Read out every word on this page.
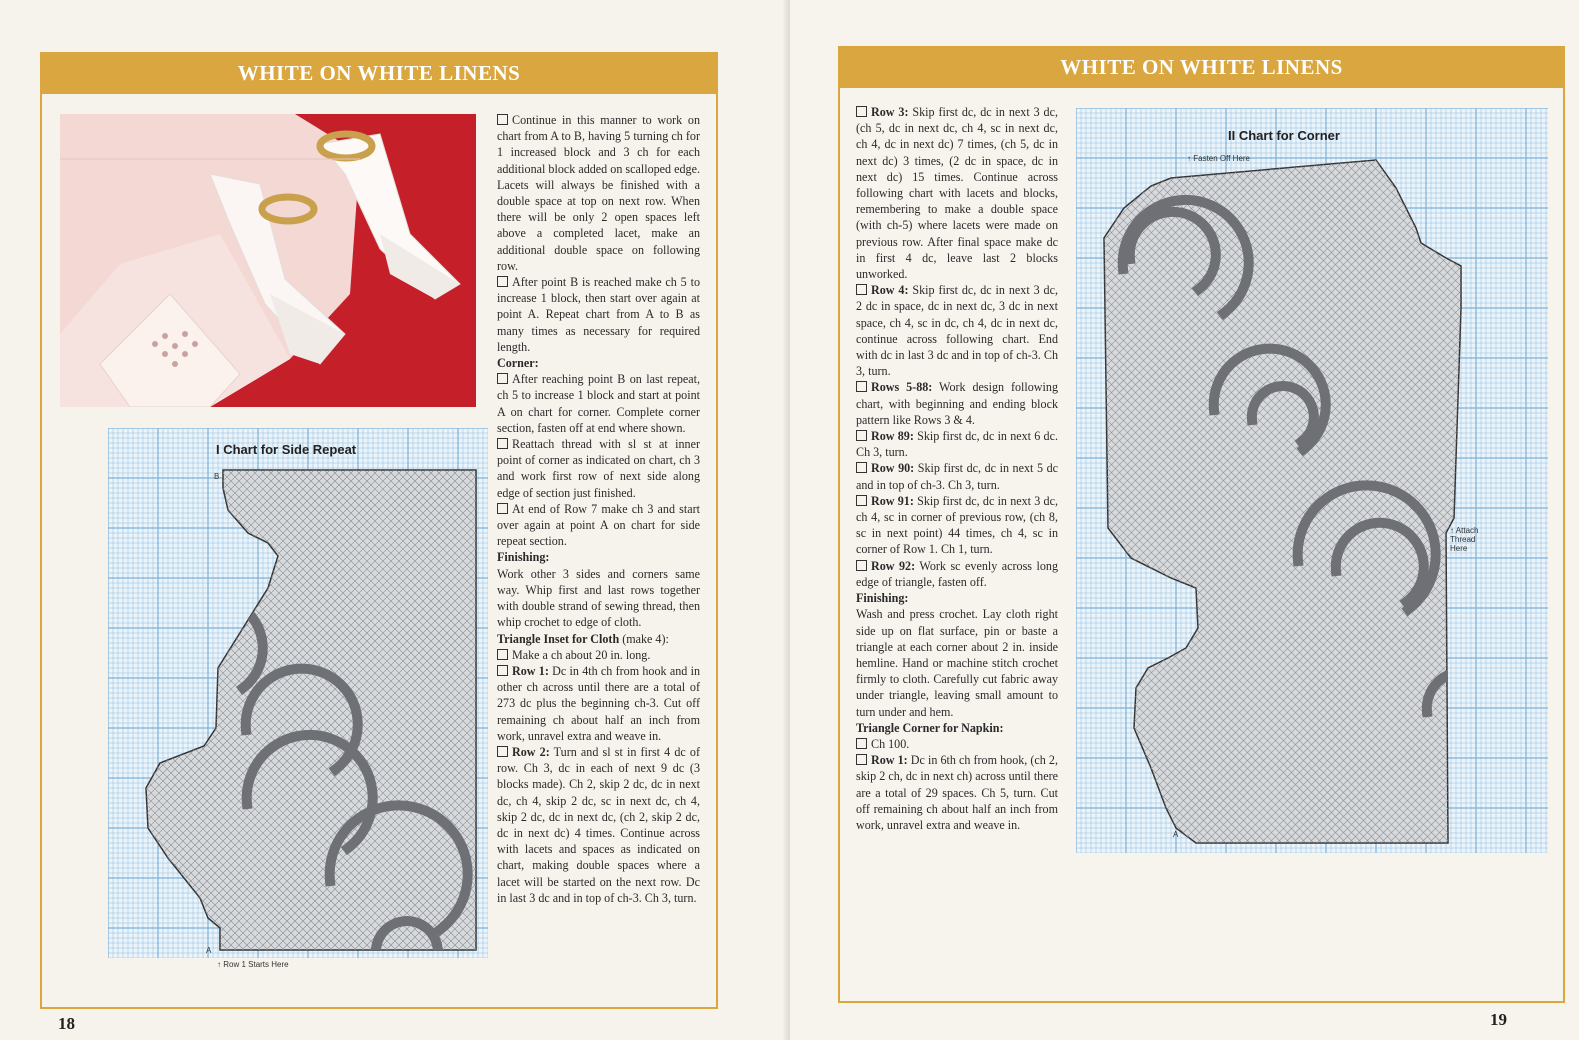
WHITE ON WHITE LINENS
I Chart for Side Repeat
B
A
↑ Row 1 Starts Here

Continue in this manner to work on chart from A to B, having 5 turning ch for 1 increased block and 3 ch for each additional block added on scalloped edge. Lacets will always be finished with a double space at top on next row. When there will be only 2 open spaces left above a completed lacet, make an additional double space on following row.

After point B is reached make ch 5 to increase 1 block, then start over again at point A. Repeat chart from A to B as many times as necessary for required length.

Corner:

After reaching point B on last repeat, ch 5 to increase 1 block and start at point A on chart for corner. Complete corner section, fasten off at end where shown.

Reattach thread with sl st at inner point of corner as indicated on chart, ch 3 and work first row of next side along edge of section just finished.

At end of Row 7 make ch 3 and start over again at point A on chart for side repeat section.

Finishing:

Work other 3 sides and corners same way. Whip first and last rows together with double strand of sewing thread, then whip crochet to edge of cloth.

Triangle Inset for Cloth (make 4):

Make a ch about 20 in. long.

Row 1: Dc in 4th ch from hook and in other ch across until there are a total of 273 dc plus the beginning ch-3. Cut off remaining ch about half an inch from work, unravel extra and weave in.

Row 2: Turn and sl st in first 4 dc of row. Ch 3, dc in each of next 9 dc (3 blocks made). Ch 2, skip 2 dc, dc in next dc, ch 4, skip 2 dc, sc in next dc, ch 4, skip 2 dc, dc in next dc, (ch 2, skip 2 dc, dc in next dc) 4 times. Continue across with lacets and spaces as indicated on chart, making double spaces where a lacet will be started on the next row. Dc in last 3 dc and in top of ch-3. Ch 3, turn.

18
WHITE ON WHITE LINENS

Row 3: Skip first dc, dc in next 3 dc, (ch 5, dc in next dc, ch 4, sc in next dc, ch 4, dc in next dc) 7 times, (ch 5, dc in next dc) 3 times, (2 dc in space, dc in next dc) 15 times. Continue across following chart with lacets and blocks, remembering to make a double space (with ch-5) where lacets were made on previous row. After final space make dc in first 4 dc, leave last 2 blocks unworked.

Row 4: Skip first dc, dc in next 3 dc, 2 dc in space, dc in next dc, 3 dc in next space, ch 4, sc in dc, ch 4, dc in next dc, continue across following chart. End with dc in last 3 dc and in top of ch-3. Ch 3, turn.

Rows 5-88: Work design following chart, with beginning and ending block pattern like Rows 3 & 4.

Row 89: Skip first dc, dc in next 6 dc. Ch 3, turn.

Row 90: Skip first dc, dc in next 5 dc and in top of ch-3. Ch 3, turn.

Row 91: Skip first dc, dc in next 3 dc, ch 4, sc in corner of previous row, (ch 8, sc in next point) 44 times, ch 4, sc in corner of Row 1. Ch 1, turn.

Row 92: Work sc evenly across long edge of triangle, fasten off.

Finishing:

Wash and press crochet. Lay cloth right side up on flat surface, pin or baste a triangle at each corner about 2 in. inside hemline. Hand or machine stitch crochet firmly to cloth. Carefully cut fabric away under triangle, leaving small amount to turn under and hem.

Triangle Corner for Napkin:

Ch 100.

Row 1: Dc in 6th ch from hook, (ch 2, skip 2 ch, dc in next ch) across until there are a total of 29 spaces. Ch 5, turn. Cut off remaining ch about half an inch from work, unravel extra and weave in.

II Chart for Corner
↑ Fasten Off Here
↑ Attach Thread Here
A
19
